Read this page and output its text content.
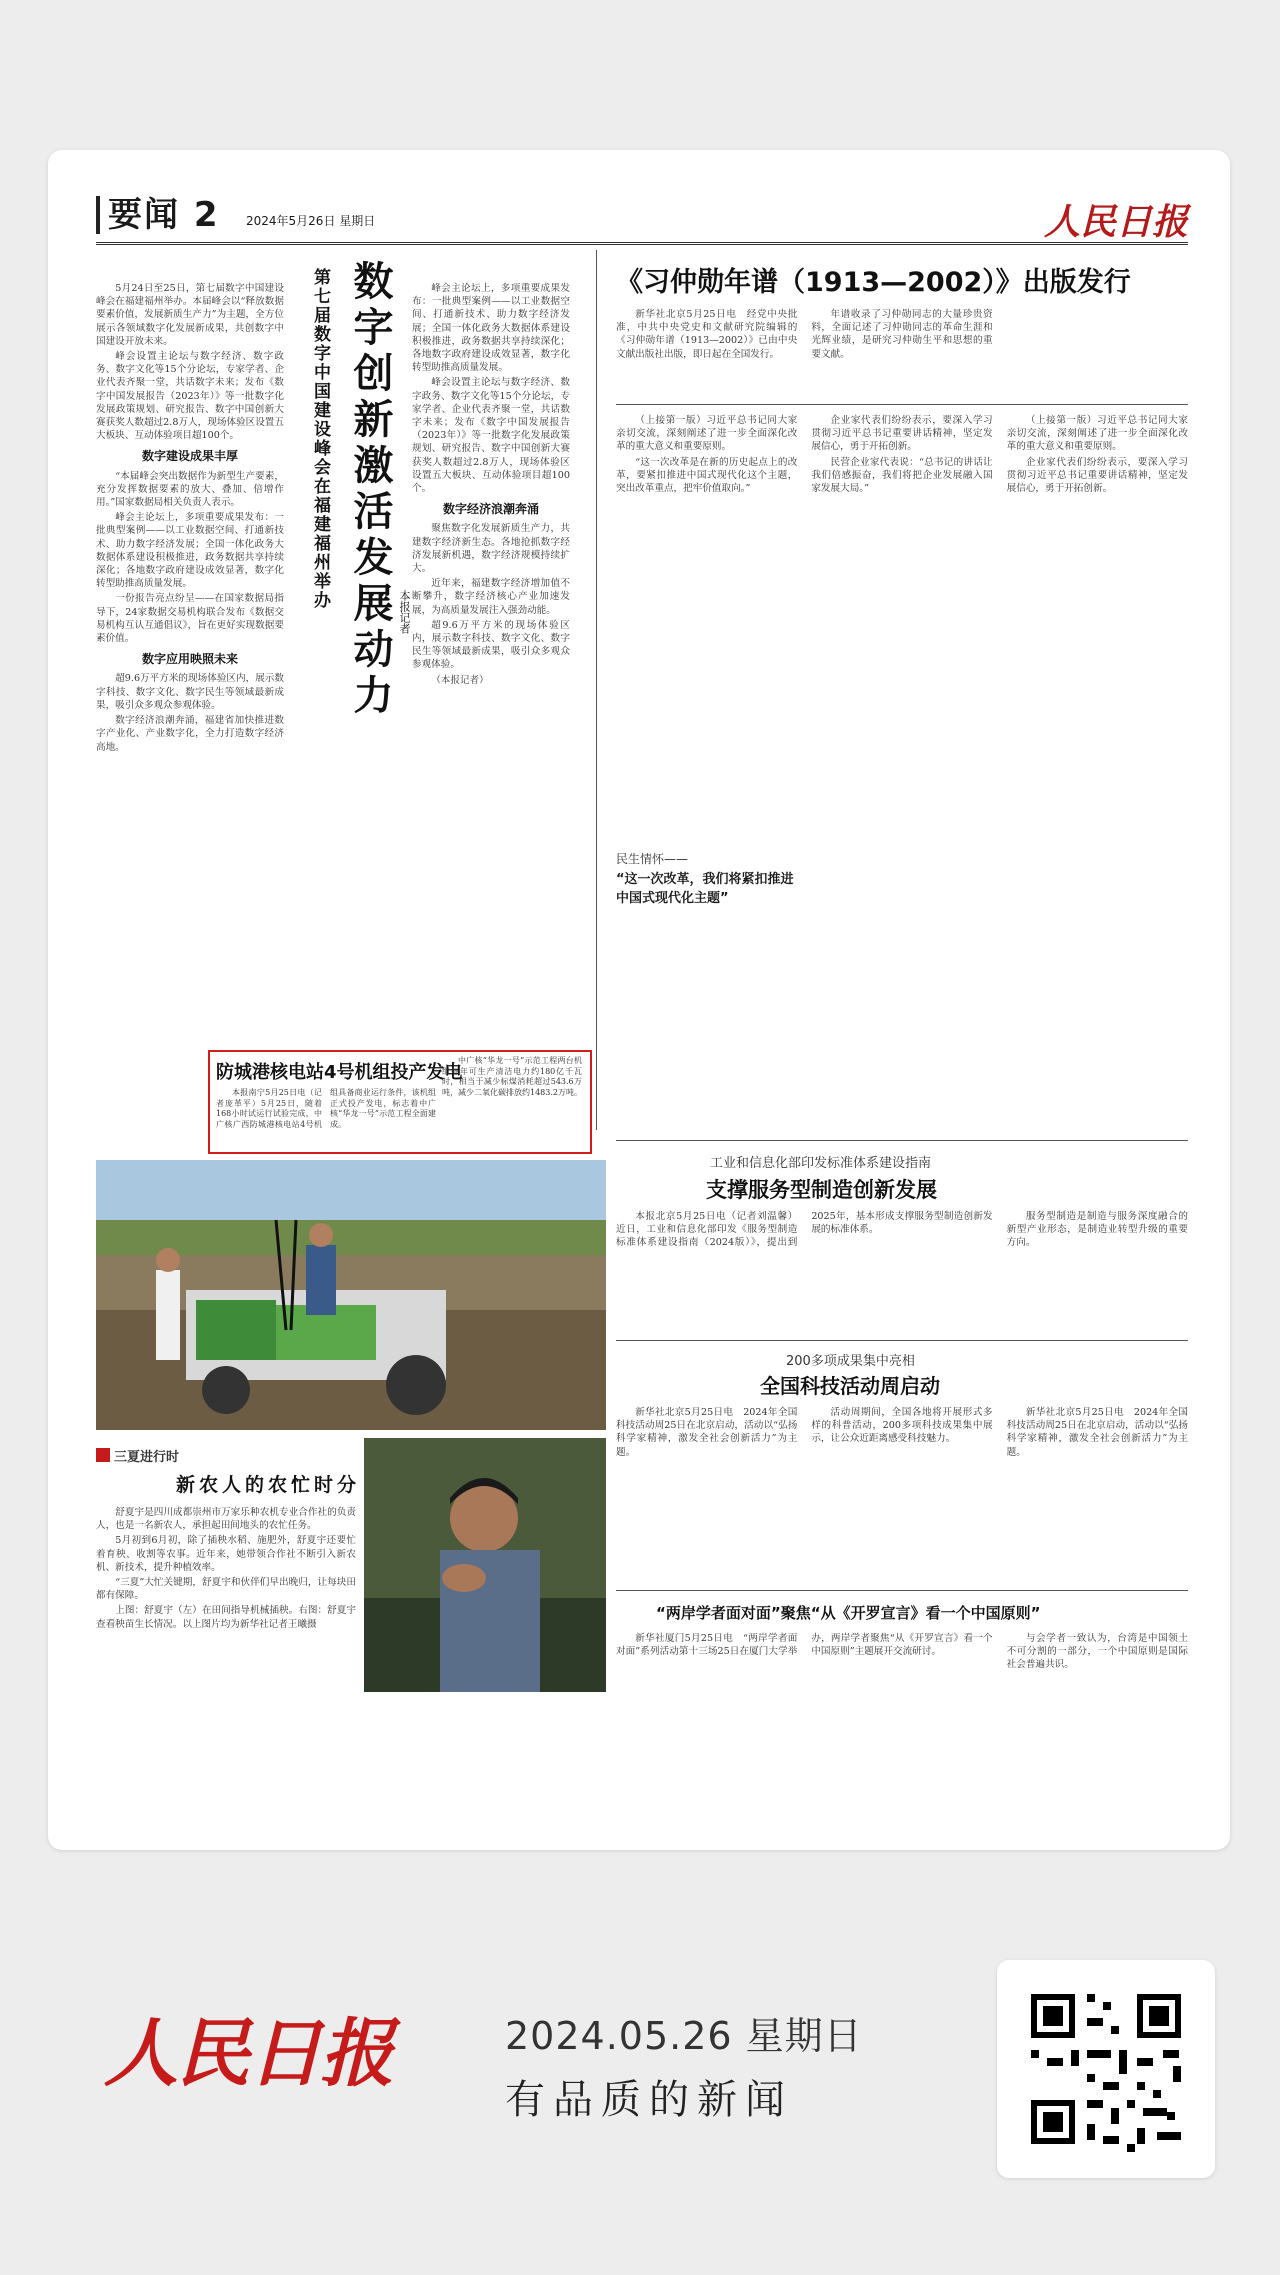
要闻 2 2024年5月26日 星期日	人民日报

5月24日至25日，第七届数字中国建设峰会在福建福州举办。本届峰会以“释放数据要素价值，发展新质生产力”为主题，全方位展示各领域数字化发展新成果，共创数字中国建设开放未来。

峰会设置主论坛与数字经济、数字政务、数字文化等15个分论坛，专家学者、企业代表齐聚一堂，共话数字未来；发布《数字中国发展报告（2023年）》等一批数字化发展政策规划、研究报告、数字中国创新大赛获奖人数超过2.8万人，现场体验区设置五大板块、互动体验项目超100个。

数字建设成果丰厚

“本届峰会突出数据作为新型生产要素，充分发挥数据要素的放大、叠加、倍增作用。”国家数据局相关负责人表示。

峰会主论坛上，多项重要成果发布：一批典型案例——以工业数据空间、打通新技术、助力数字经济发展；全国一体化政务大数据体系建设积极推进，政务数据共享持续深化；各地数字政府建设成效显著，数字化转型助推高质量发展。

一份报告亮点纷呈——在国家数据局指导下，24家数据交易机构联合发布《数据交易机构互认互通倡议》，旨在更好实现数据要素价值。

数字应用映照未来

超9.6万平方米的现场体验区内，展示数字科技、数字文化、数字民生等领域最新成果，吸引众多观众参观体验。

数字经济浪潮奔涌，福建省加快推进数字产业化、产业数字化，全力打造数字经济高地。

数字创新激活发展动力
第七届数字中国建设峰会在福建福州举办
本报记者

峰会主论坛上，多项重要成果发布：一批典型案例——以工业数据空间、打通新技术、助力数字经济发展；全国一体化政务大数据体系建设积极推进，政务数据共享持续深化；各地数字政府建设成效显著，数字化转型助推高质量发展。

峰会设置主论坛与数字经济、数字政务、数字文化等15个分论坛，专家学者、企业代表齐聚一堂，共话数字未来；发布《数字中国发展报告（2023年）》等一批数字化发展政策规划、研究报告、数字中国创新大赛获奖人数超过2.8万人，现场体验区设置五大板块、互动体验项目超100个。

数字经济浪潮奔涌

聚焦数字化发展新质生产力，共建数字经济新生态。各地抢抓数字经济发展新机遇，数字经济规模持续扩大。

近年来，福建数字经济增加值不断攀升，数字经济核心产业加速发展，为高质量发展注入强劲动能。

超9.6万平方米的现场体验区内，展示数字科技、数字文化、数字民生等领域最新成果，吸引众多观众参观体验。

（本报记者）

《习仲勋年谱（1913—2002）》出版发行

新华社北京5月25日电　经党中央批准，中共中央党史和文献研究院编辑的《习仲勋年谱（1913—2002）》已由中央文献出版社出版，即日起在全国发行。

年谱收录了习仲勋同志的大量珍贵资料，全面记述了习仲勋同志的革命生涯和光辉业绩，是研究习仲勋生平和思想的重要文献。

（上接第一版）习近平总书记同大家亲切交流，深刻阐述了进一步全面深化改革的重大意义和重要原则。

“这一次改革是在新的历史起点上的改革，要紧扣推进中国式现代化这个主题，突出改革重点，把牢价值取向。”

企业家代表们纷纷表示，要深入学习贯彻习近平总书记重要讲话精神，坚定发展信心，勇于开拓创新。

民营企业家代表说：“总书记的讲话让我们倍感振奋，我们将把企业发展融入国家发展大局。”

（上接第一版）习近平总书记同大家亲切交流，深刻阐述了进一步全面深化改革的重大意义和重要原则。

企业家代表们纷纷表示，要深入学习贯彻习近平总书记重要讲话精神，坚定发展信心，勇于开拓创新。

民生情怀——
“这一次改革，我们将紧扣推进中国式现代化主题”
防城港核电站4号机组投产发电

本报南宁5月25日电（记者庞革平）5月25日，随着168小时试运行试验完成，中广核广西防城港核电站4号机组具备商业运行条件，该机组正式投产发电，标志着中广核“华龙一号”示范工程全面建成。

中广核“华龙一号”示范工程两台机组每年可生产清洁电力约180亿千瓦时，相当于减少标煤消耗超过543.6万吨，减少二氧化碳排放约1483.2万吨。

工业和信息化部印发标准体系建设指南
支撑服务型制造创新发展

本报北京5月25日电（记者刘温馨）近日，工业和信息化部印发《服务型制造标准体系建设指南（2024版）》，提出到2025年，基本形成支撑服务型制造创新发展的标准体系。

服务型制造是制造与服务深度融合的新型产业形态，是制造业转型升级的重要方向。

200多项成果集中亮相
全国科技活动周启动

新华社北京5月25日电　2024年全国科技活动周25日在北京启动，活动以“弘扬科学家精神，激发全社会创新活力”为主题。

活动周期间，全国各地将开展形式多样的科普活动，200多项科技成果集中展示，让公众近距离感受科技魅力。

新华社北京5月25日电　2024年全国科技活动周25日在北京启动，活动以“弘扬科学家精神，激发全社会创新活力”为主题。

三夏进行时
新农人的农忙时分

舒夏宇是四川成都崇州市万家乐种农机专业合作社的负责人，也是一名新农人，承担起田间地头的农忙任务。

5月初到6月初，除了插秧水稻、施肥外，舒夏宇还要忙着育秧、收割等农事。近年来，她带领合作社不断引入新农机、新技术，提升种植效率。

“三夏”大忙关键期，舒夏宇和伙伴们早出晚归，让每块田都有保障。

上图：舒夏宇（左）在田间指导机械插秧。右图：舒夏宇查看秧苗生长情况。以上图片均为新华社记者王曦摄

“两岸学者面对面”聚焦“从《开罗宣言》看一个中国原则”

新华社厦门5月25日电　“两岸学者面对面”系列活动第十三场25日在厦门大学举办，两岸学者聚焦“从《开罗宣言》看一个中国原则”主题展开交流研讨。

与会学者一致认为，台湾是中国领土不可分割的一部分，一个中国原则是国际社会普遍共识。

人民日报	2024.05.26 星期日
有品质的新闻
